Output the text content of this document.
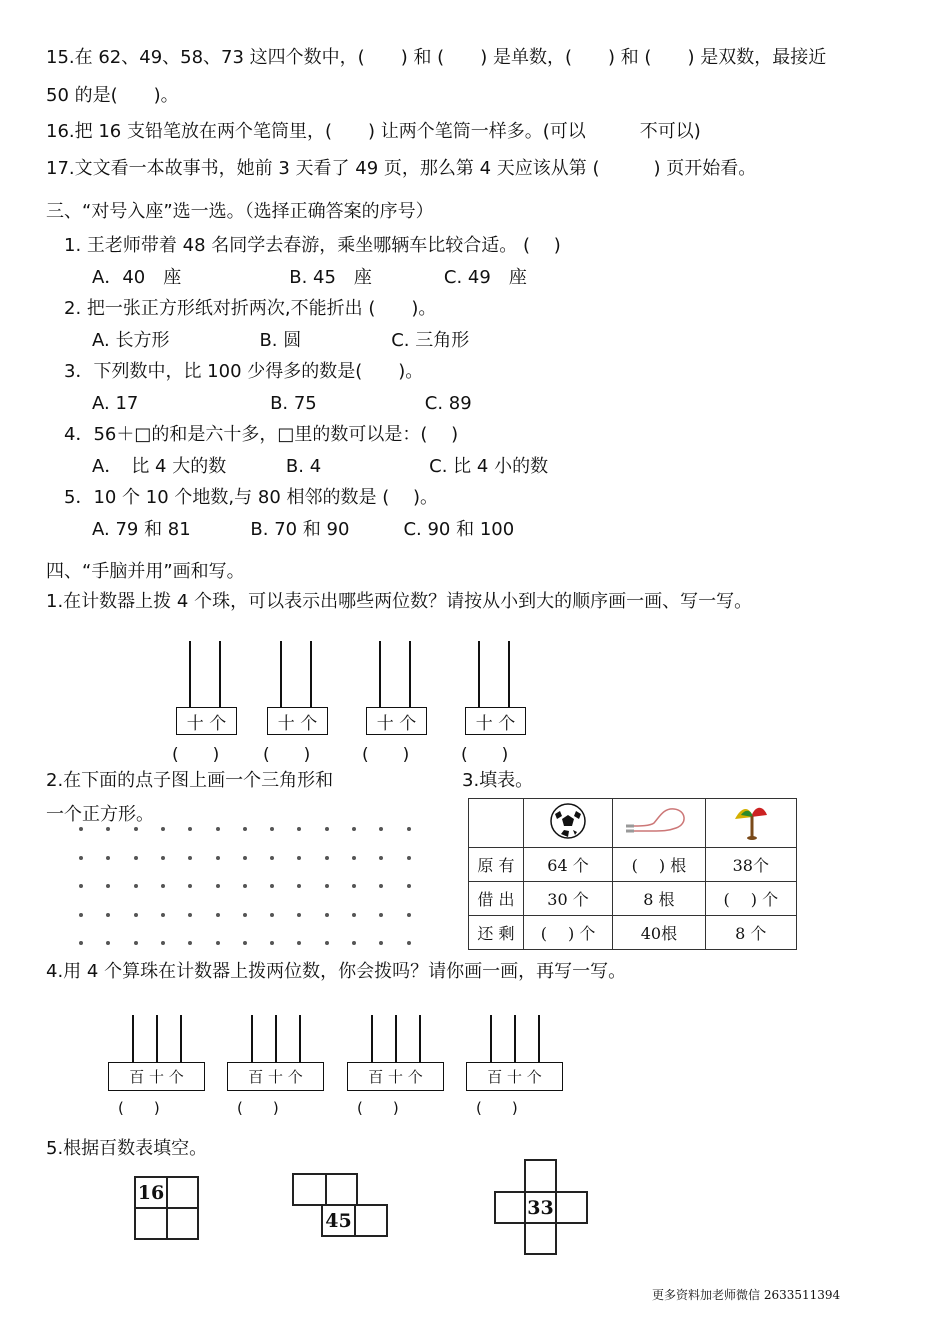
15.在 62、49、58、73 这四个数中，(　　) 和 (　　) 是单数，(　　) 和 (　　) 是双数，最接近
50 的是(　　)。
16.把 16 支铅笔放在两个笔筒里，(　　) 让两个笔筒一样多。(可以　　　不可以)
17.文文看一本故事书，她前 3 天看了 49 页，那么第 4 天应该从第 (　　　) 页开始看。
三、“对号入座”选一选。（选择正确答案的序号）
1. 王老师带着 48 名同学去春游，乘坐哪辆车比较合适。 (　 )
A．40　座　　　　　　B. 45　座　　　　C. 49　座
2. 把一张正方形纸对折两次,不能折出 (　　)。
A. 长方形　　　　　B. 圆　　　　　C. 三角形
3．下列数中，比 100 少得多的数是(　　)。
A. 17　　　　　　　 B. 75　　　　　　C. 89
4．56＋□的和是六十多，□里的数可以是：(　 )
A．　比 4 大的数　　　 B. 4　　　　　　C. 比 4 小的数
5．10 个 10 个地数,与 80 相邻的数是 (　 )。
A. 79 和 81　　　 B. 70 和 90　　　C. 90 和 100
四、“手脑并用”画和写。
1.在计数器上拨 4 个珠，可以表示出哪些两位数？请按从小到大的顺序画一画、写一写。
2.在下面的点子图上画一个三角形和	3.填表。
一个正方形。
4.用 4 个算珠在计数器上拨两位数，你会拨吗？请你画一画，再写一写。
5.根据百数表填空。
十 个
(　　)
十 个
(　　)
十 个
(　　)
十 个
(　　)

原 有	64 个	(　 ) 根	38个
借 出	30 个	8 根	(　 ) 个
还 剩	(　 ) 个	40根	8 个
百 十 个
(　　)
百 十 个
(　　)
百 十 个
(　　)
百 十 个
(　　)
16
45
33
更多资料加老师微信 2633511394
